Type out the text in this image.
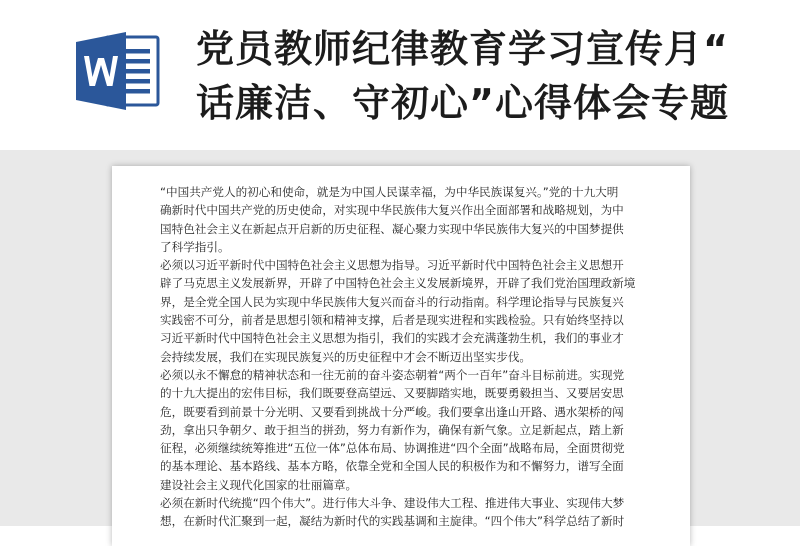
党员教师纪律教育学习宣传月“
话廉洁、守初心”心得体会专题
“中国共产党人的初心和使命，就是为中国人民谋幸福，为中华民族谋复兴。”党的十九大明
确新时代中国共产党的历史使命，对实现中华民族伟大复兴作出全面部署和战略规划，为中
国特色社会主义在新起点开启新的历史征程、凝心聚力实现中华民族伟大复兴的中国梦提供
了科学指引。
必须以习近平新时代中国特色社会主义思想为指导。习近平新时代中国特色社会主义思想开
辟了马克思主义发展新界，开辟了中国特色社会主义发展新境界，开辟了我们党治国理政新境
界，是全党全国人民为实现中华民族伟大复兴而奋斗的行动指南。科学理论指导与民族复兴
实践密不可分，前者是思想引领和精神支撑，后者是现实进程和实践检验。只有始终坚持以
习近平新时代中国特色社会主义思想为指引，我们的实践才会充满蓬勃生机，我们的事业才
会持续发展，我们在实现民族复兴的历史征程中才会不断迈出坚实步伐。
必须以永不懈怠的精神状态和一往无前的奋斗姿态朝着“两个一百年”奋斗目标前进。实现党
的十九大提出的宏伟目标，我们既要登高望远、又要脚踏实地，既要勇毅担当、又要居安思
危，既要看到前景十分光明、又要看到挑战十分严峻。我们要拿出逢山开路、遇水架桥的闯
劲，拿出只争朝夕、敢于担当的拼劲，努力有新作为，确保有新气象。立足新起点，踏上新
征程，必须继续统筹推进“五位一体”总体布局、协调推进“四个全面”战略布局，全面贯彻党
的基本理论、基本路线、基本方略，依靠全党和全国人民的积极作为和不懈努力，谱写全面
建设社会主义现代化国家的壮丽篇章。
必须在新时代统揽“四个伟大”。进行伟大斗争、建设伟大工程、推进伟大事业、实现伟大梦
想，在新时代汇聚到一起，凝结为新时代的实践基调和主旋律。“四个伟大”科学总结了新时
